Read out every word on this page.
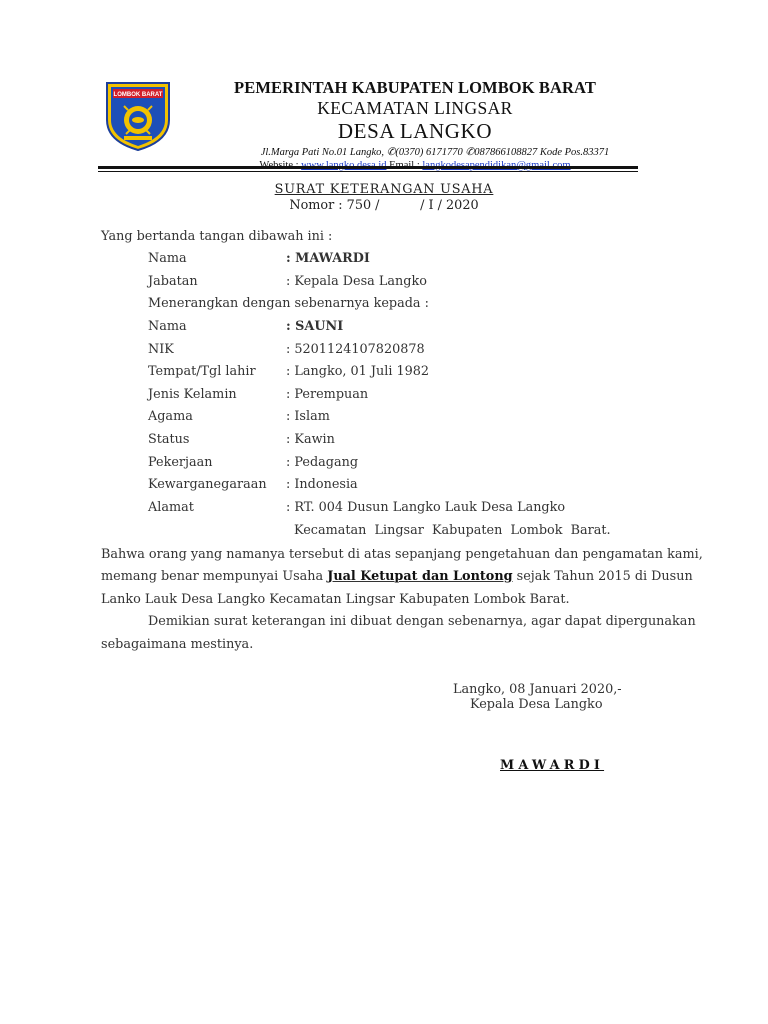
LOMBOK BARAT	PEMERINTAH KABUPATEN LOMBOK BARAT
KECAMATAN LINGSAR
DESA LANGKO
Jl.Marga Pati No.01 Langko, ✆(0370) 6171770 ✆087866108827 Kode Pos.83371
SURAT KETERANGAN USAHA
Nomor : 750 /          / I / 2020
Yang bertanda tangan dibawah ini :
Nama	: MAWARDI
Jabatan	: Kepala Desa Langko
Menerangkan dengan sebenarnya kepada :
Nama	: SAUNI
NIK	: 5201124107820878
Tempat/Tgl lahir : Langko, 01 Juli 1982
Jenis Kelamin	: Perempuan
Agama	: Islam
Status	: Kawin
Pekerjaan	: Pedagang
Kewarganegaraan : Indonesia
Alamat	: RT. 004 Dusun Langko Lauk Desa Langko
Kecamatan  Lingsar  Kabupaten  Lombok  Barat.
Bahwa orang yang namanya tersebut di atas sepanjang pengetahuan dan pengamatan kami,
memang benar mempunyai Usaha Jual Ketupat dan Lontong sejak Tahun 2015 di Dusun
Lanko Lauk Desa Langko Kecamatan Lingsar Kabupaten Lombok Barat.
Demikian surat keterangan ini dibuat dengan sebenarnya, agar dapat dipergunakan
sebagaimana mestinya.
Langko, 08 Januari 2020,-
Kepala Desa Langko
MAWARDI
